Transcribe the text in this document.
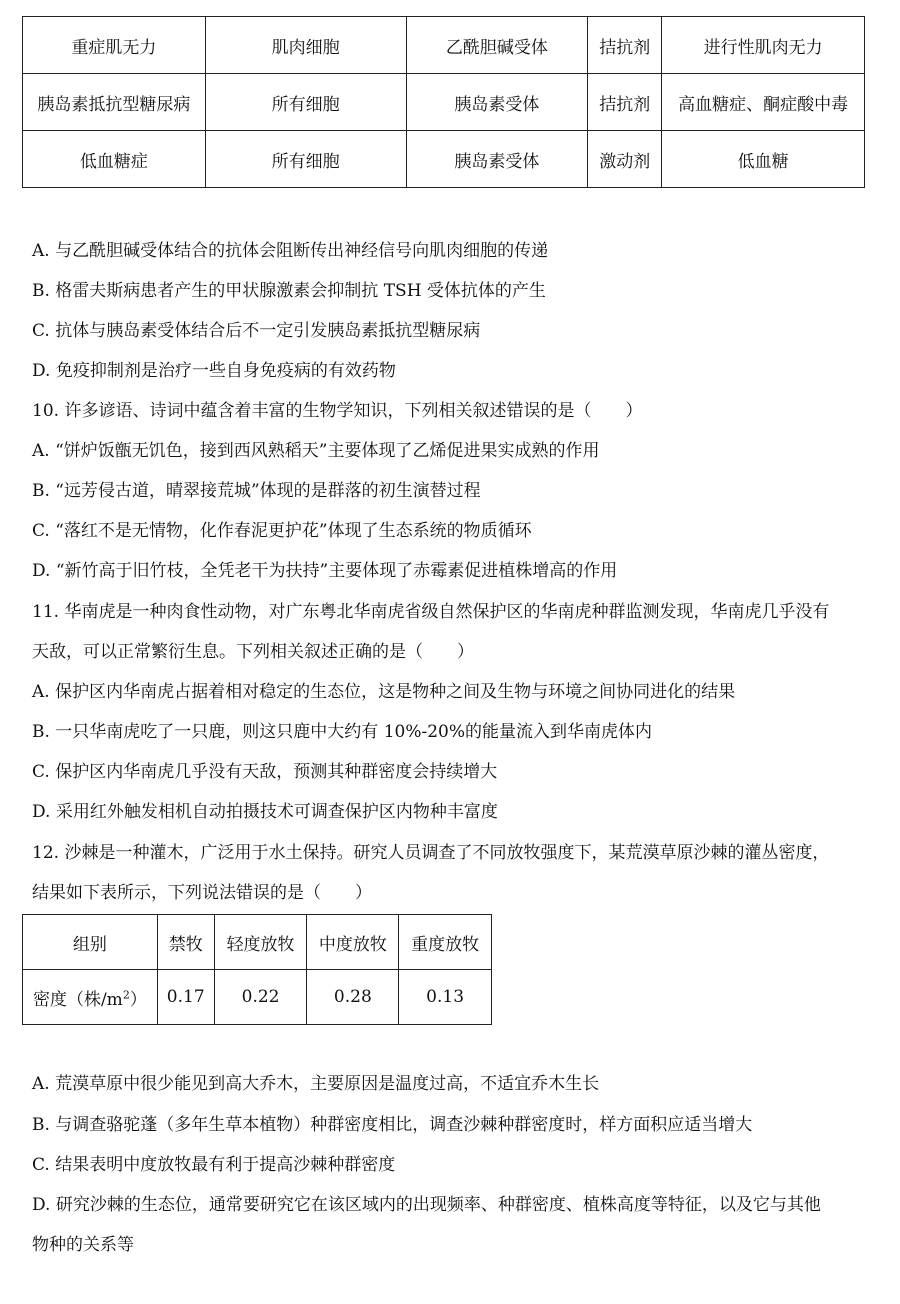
重症肌无力	肌肉细胞	乙酰胆碱受体	拮抗剂	进行性肌肉无力
胰岛素抵抗型糖尿病	所有细胞	胰岛素受体	拮抗剂	高血糖症、酮症酸中毒
低血糖症	所有细胞	胰岛素受体	激动剂	低血糖
A. 与乙酰胆碱受体结合的抗体会阻断传出神经信号向肌肉细胞的传递
B. 格雷夫斯病患者产生的甲状腺激素会抑制抗 TSH 受体抗体的产生
C. 抗体与胰岛素受体结合后不一定引发胰岛素抵抗型糖尿病
D. 免疫抑制剂是治疗一些自身免疫病的有效药物
10. 许多谚语、诗词中蕴含着丰富的生物学知识，下列相关叙述错误的是（　　）
A. “饼炉饭甑无饥色，接到西风熟稻天”主要体现了乙烯促进果实成熟的作用
B. “远芳侵古道，晴翠接荒城”体现的是群落的初生演替过程
C. “落红不是无情物，化作春泥更护花”体现了生态系统的物质循环
D. “新竹高于旧竹枝，全凭老干为扶持”主要体现了赤霉素促进植株增高的作用
11. 华南虎是一种肉食性动物，对广东粤北华南虎省级自然保护区的华南虎种群监测发现，华南虎几乎没有
天敌，可以正常繁衍生息。下列相关叙述正确的是（　　）
A. 保护区内华南虎占据着相对稳定的生态位，这是物种之间及生物与环境之间协同进化的结果
B. 一只华南虎吃了一只鹿，则这只鹿中大约有 10%-20%的能量流入到华南虎体内
C. 保护区内华南虎几乎没有天敌，预测其种群密度会持续增大
D. 采用红外触发相机自动拍摄技术可调查保护区内物种丰富度
12. 沙棘是一种灌木，广泛用于水土保持。研究人员调查了不同放牧强度下，某荒漠草原沙棘的灌丛密度，
结果如下表所示，下列说法错误的是（　　）
组别	禁牧	轻度放牧	中度放牧	重度放牧
密度（株$/m^2$）	0.17	0.22	0.28	0.13
A. 荒漠草原中很少能见到高大乔木，主要原因是温度过高，不适宜乔木生长
B. 与调查骆驼蓬（多年生草本植物）种群密度相比，调查沙棘种群密度时，样方面积应适当增大
C. 结果表明中度放牧最有利于提高沙棘种群密度
D. 研究沙棘的生态位，通常要研究它在该区域内的出现频率、种群密度、植株高度等特征，以及它与其他
物种的关系等
